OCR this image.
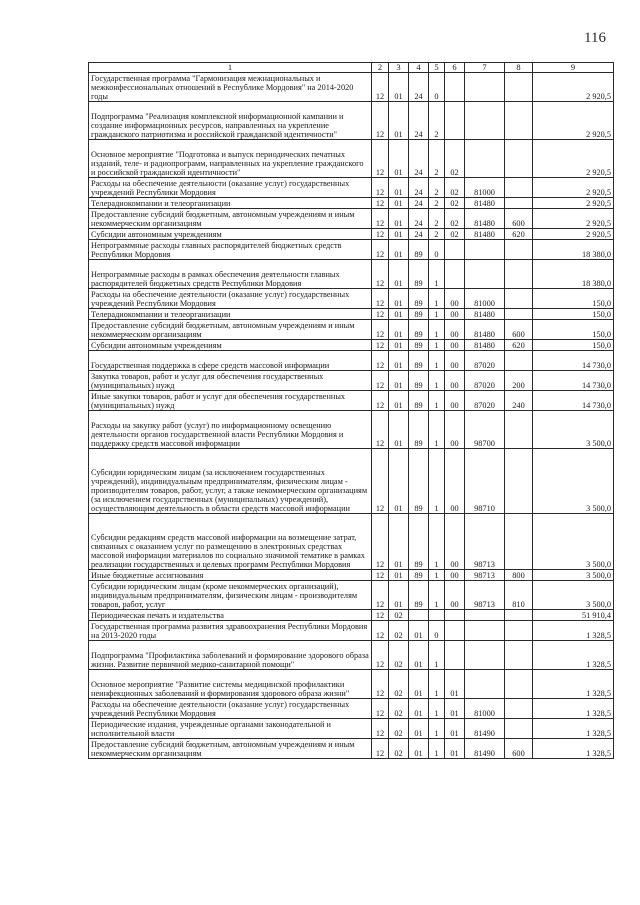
116
1	2	3	4	5	6	7	8	9
Государственная программа "Гармонизация межнациональных и межконфессиональных отношений в Республике Мордовия" на 2014-2020 годы	12	01	24	0				2 920,5
Подпрограмма "Реализация комплексной информационной кампании и создание информационных ресурсов, направленных на укрепление гражданского патриотизма и российской гражданской идентичности"	12	01	24	2				2 920,5
Основное мероприятие "Подготовка и выпуск периодических печатных изданий, теле- и радиопрограмм, направленных на укрепление гражданского и российской гражданской идентичности"	12	01	24	2	02			2 920,5
Расходы на обеспечение деятельности (оказание услуг) государственных учреждений Республики Мордовия	12	01	24	2	02	81000		2 920,5
Телерадиокомпании и телеорганизации	12	01	24	2	02	81480		2 920,5
Предоставление субсидий бюджетным, автономным учреждениям и иным некоммерческим организациям	12	01	24	2	02	81480	600	2 920,5
Субсидии автономным учреждениям	12	01	24	2	02	81480	620	2 920,5
Непрограммные расходы главных распорядителей бюджетных средств Республики Мордовия	12	01	89	0				18 380,0
Непрограммные расходы в рамках обеспечения деятельности главных распорядителей бюджетных средств Республики Мордовия	12	01	89	1				18 380,0
Расходы на обеспечение деятельности (оказание услуг) государственных учреждений Республики Мордовия	12	01	89	1	00	81000		150,0
Телерадиокомпании и телеорганизации	12	01	89	1	00	81480		150,0
Предоставление субсидий бюджетным, автономным учреждениям и иным некоммерческим организациям	12	01	89	1	00	81480	600	150,0
Субсидии автономным учреждениям	12	01	89	1	00	81480	620	150,0
Государственная поддержка в сфере средств массовой информации	12	01	89	1	00	87020		14 730,0
Закупка товаров, работ и услуг для обеспечения государственных (муниципальных) нужд	12	01	89	1	00	87020	200	14 730,0
Иные закупки товаров, работ и услуг для обеспечения государственных (муниципальных) нужд	12	01	89	1	00	87020	240	14 730,0
Расходы на закупку работ (услуг) по информационному освещению деятельности органов государственной власти Республики Мордовия и поддержку средств массовой информации	12	01	89	1	00	98700		3 500,0
Субсидии юридическим лицам (за исключением государственных учреждений), индивидуальным предпринимателям, физическим лицам - производителям товаров, работ, услуг, а также некоммерческим организациям (за исключением государственных (муниципальных) учреждений), осуществляющим деятельность в области средств массовой информации	12	01	89	1	00	98710		3 500,0
Субсидии редакциям средств массовой информации на возмещение затрат, связанных с оказанием услуг по размещению в электронных средствах массовой информации материалов по социально значимой тематике в рамках реализации государственных и целевых программ Республики Мордовия	12	01	89	1	00	98713		3 500,0
Иные бюджетные ассигнования	12	01	89	1	00	98713	800	3 500,0
Субсидии юридическим лицам (кроме некоммерческих организаций), индивидуальным предпринимателям, физическим лицам - производителям товаров, работ, услуг	12	01	89	1	00	98713	810	3 500,0
Периодическая печать и издательства	12	02						51 910,4
Государственная программа развития здравоохранения Республики Мордовия на 2013-2020 годы	12	02	01	0				1 328,5
Подпрограмма "Профилактика заболеваний и формирование здорового образа жизни. Развитие первичной медико-санитарной помощи"	12	02	01	1				1 328,5
Основное мероприятие "Развитие системы медицинской профилактики неинфекционных заболеваний и формирования здорового образа жизни"	12	02	01	1	01			1 328,5
Расходы на обеспечение деятельности (оказание услуг) государственных учреждений Республики Мордовия	12	02	01	1	01	81000		1 328,5
Периодические издания, учрежденные органами законодательной и исполнительной власти	12	02	01	1	01	81490		1 328,5
Предоставление субсидий бюджетным, автономным учреждениям и иным некоммерческим организациям	12	02	01	1	01	81490	600	1 328,5
